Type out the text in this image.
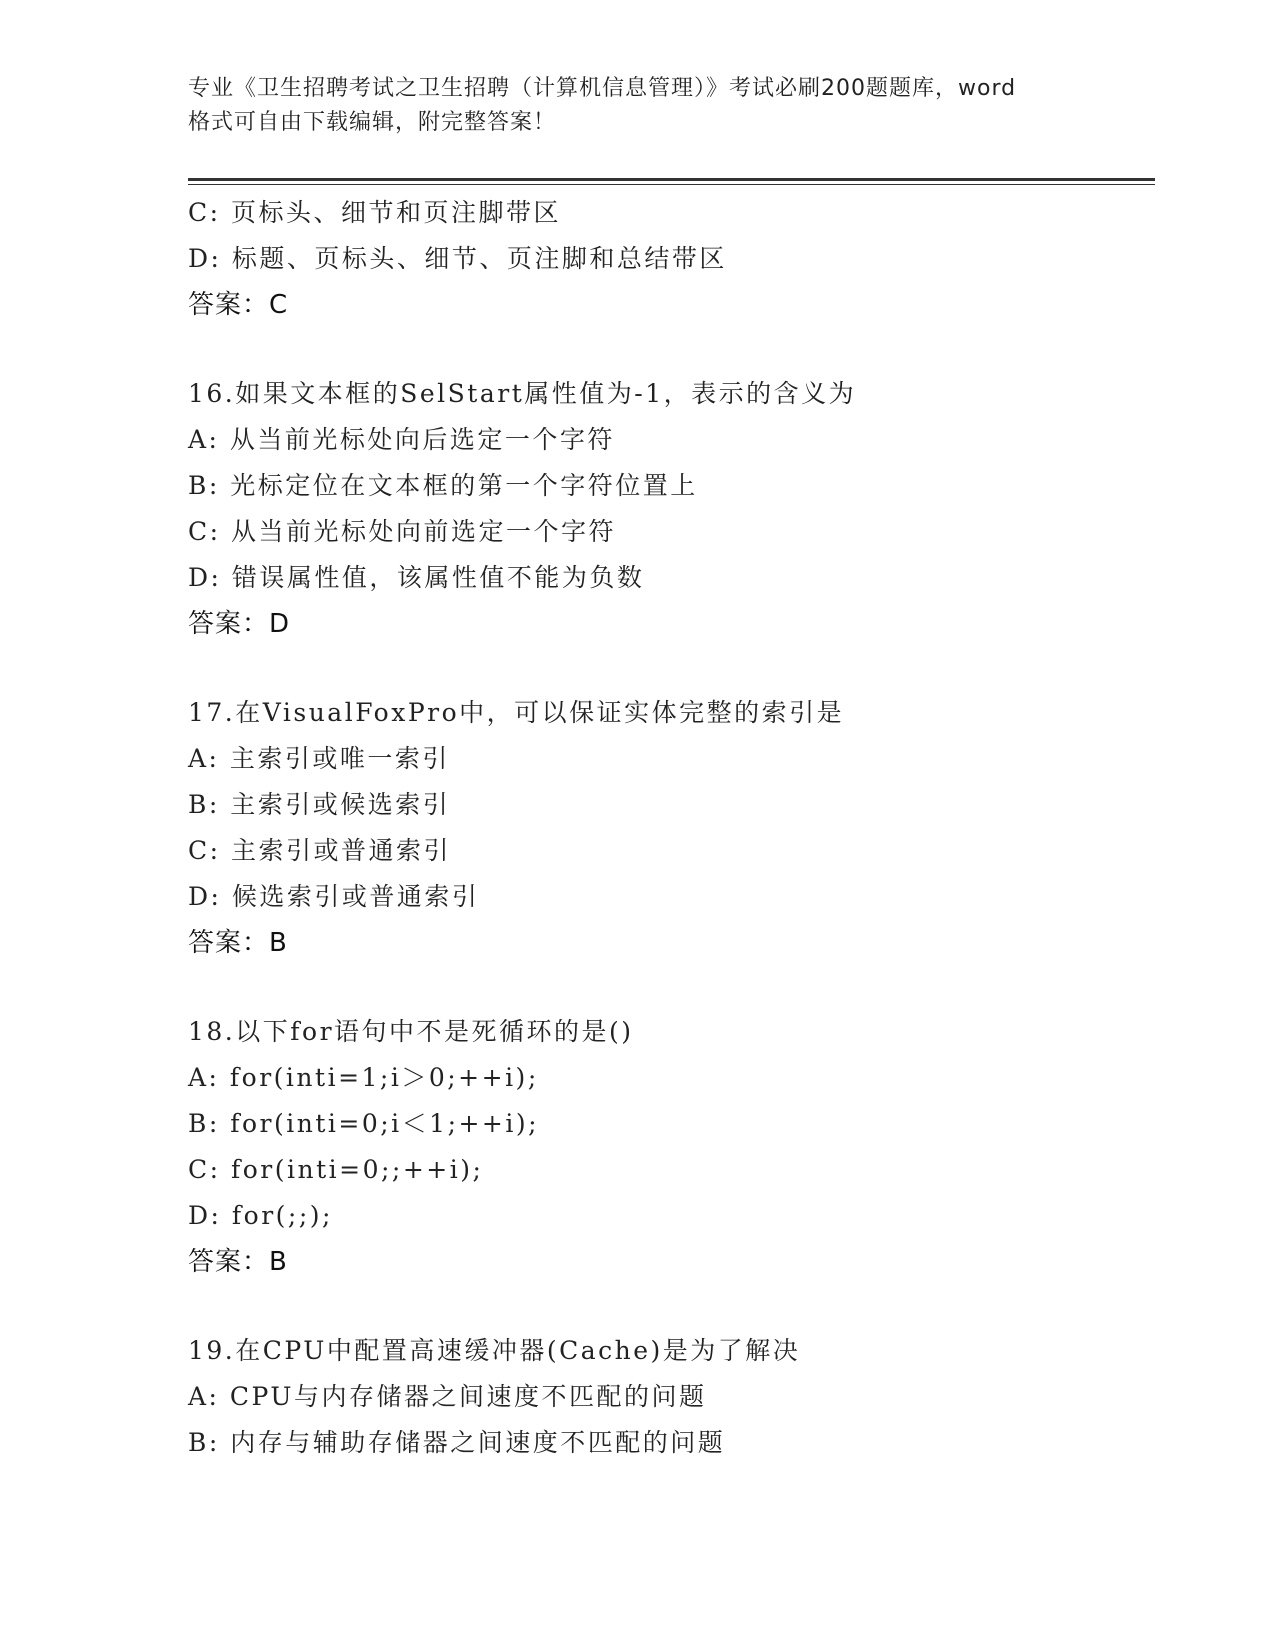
专业《卫生招聘考试之卫生招聘（计算机信息管理）》考试必刷200题题库，word
格式可自由下载编辑，附完整答案！
C: 页标头、细节和页注脚带区
D: 标题、页标头、细节、页注脚和总结带区
答案：C
16.如果文本框的SelStart属性值为-1，表示的含义为
A: 从当前光标处向后选定一个字符
B: 光标定位在文本框的第一个字符位置上
C: 从当前光标处向前选定一个字符
D: 错误属性值，该属性值不能为负数
答案：D
17.在VisualFoxPro中，可以保证实体完整的索引是
A: 主索引或唯一索引
B: 主索引或候选索引
C: 主索引或普通索引
D: 候选索引或普通索引
答案：B
18.以下for语句中不是死循环的是()
A: for(inti=1;i＞0;++i);
B: for(inti=0;i＜1;++i);
C: for(inti=0;;++i);
D: for(;;);
答案：B
19.在CPU中配置高速缓冲器(Cache)是为了解决
A: CPU与内存储器之间速度不匹配的问题
B: 内存与辅助存储器之间速度不匹配的问题
